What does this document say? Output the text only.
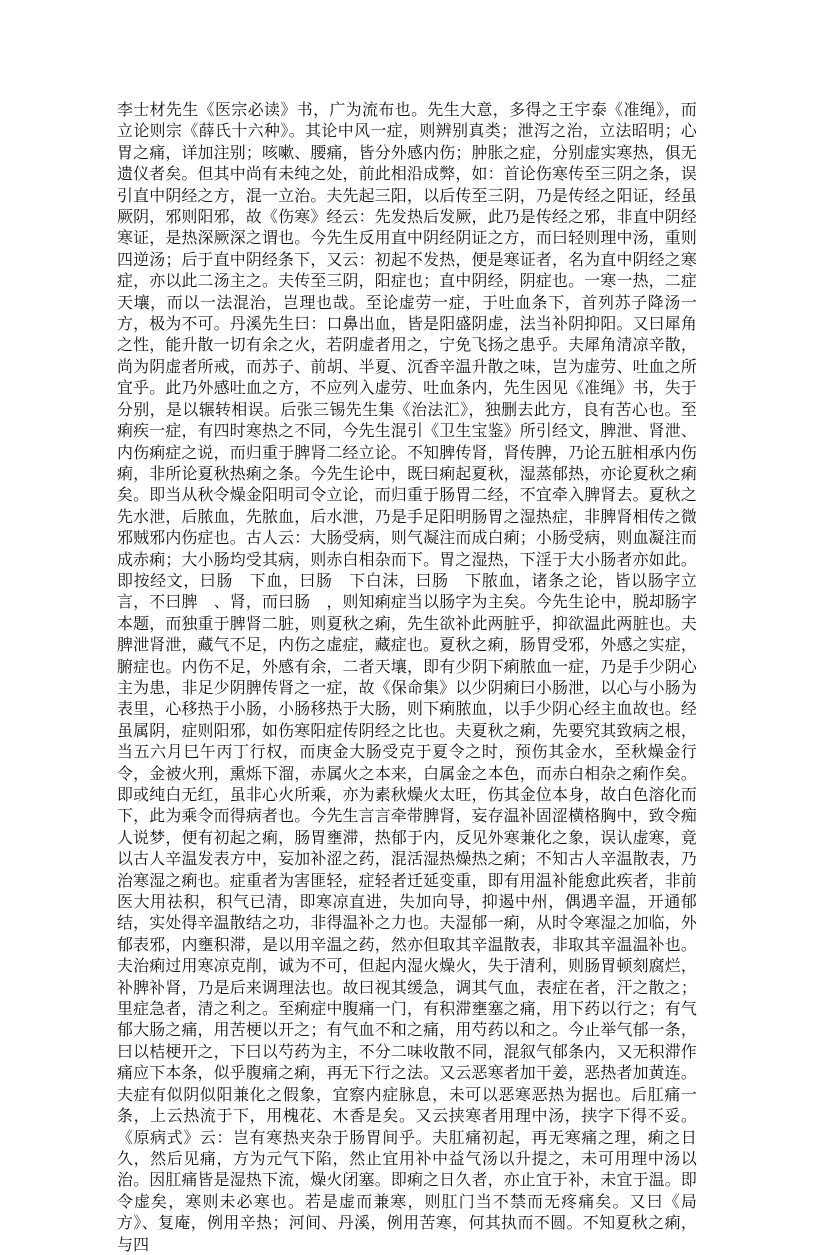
李士材先生《医宗必读》书，广为流布也。先生大意，多得之王宇泰《准绳》，而立论则宗《薛氏十六种》。其论中风一症，则辨别真类；泄泻之治，立法昭明；心胃之痛，详加注别；咳嗽、腰痛，皆分外感内伤；肿胀之症，分别虚实寒热，俱无遗仪者矣。但其中尚有未纯之处，前此相沿成弊，如：首论伤寒传至三阴之条，误引直中阴经之方，混一立治。夫先起三阳，以后传至三阴，乃是传经之阳证，经虽厥阴，邪则阳邪，故《伤寒》经云：先发热后发厥，此乃是传经之邪，非直中阴经寒证，是热深厥深之谓也。今先生反用直中阴经阴证之方，而曰轻则理中汤，重则四逆汤；后于直中阴经条下，又云：初起不发热，便是寒证者，名为直中阴经之寒症，亦以此二汤主之。夫传至三阴，阳症也；直中阴经，阴症也。一寒一热，二症天壤，而以一法混治，岂理也哉。至论虚劳一症，于吐血条下，首列苏子降汤一方，极为不可。丹溪先生曰：口鼻出血，皆是阳盛阴虚，法当补阴抑阳。又曰犀角之性，能升散一切有余之火，若阴虚者用之，宁免飞扬之患乎。夫犀角清凉辛散，尚为阴虚者所戒，而苏子、前胡、半夏、沉香辛温升散之味，岂为虚劳、吐血之所宜乎。此乃外感吐血之方，不应列入虚劳、吐血条内，先生因见《准绳》书，失于分别，是以辗转相误。后张三锡先生集《治法汇》，独删去此方，良有苦心也。至痢疾一症，有四时寒热之不同，今先生混引《卫生宝鉴》所引经文，脾泄、肾泄、内伤痢症之说，而归重于脾肾二经立论。不知脾传肾，肾传脾，乃论五脏相承内伤痢，非所论夏秋热痢之条。今先生论中，既曰痢起夏秋，湿蒸郁热，亦论夏秋之痢矣。即当从秋令燥金阳明司令立论，而归重于肠胃二经，不宜牵入脾肾去。夏秋之先水泄，后脓血，先脓血，后水泄，乃是手足阳明肠胃之湿热症，非脾肾相传之微邪贼邪内伤症也。古人云：大肠受病，则气凝注而成白痢；小肠受病，则血凝注而成赤痢；大小肠均受其病，则赤白相杂而下。胃之湿热，下淫于大小肠者亦如此。即按经文，曰肠　下血，曰肠　下白沫，曰肠　下脓血，诸条之论，皆以肠字立言，不曰脾　、肾，而曰肠　，则知痢症当以肠字为主矣。今先生论中，脱却肠字本题，而独重于脾肾二脏，则夏秋之痢，先生欲补此两脏乎，抑欲温此两脏也。夫脾泄肾泄，藏气不足，内伤之虚症，藏症也。夏秋之痢，肠胃受邪，外感之实症，腑症也。内伤不足，外感有余，二者天壤，即有少阴下痢脓血一症，乃是手少阴心主为患，非足少阴脾传肾之一症，故《保命集》以少阴痢曰小肠泄，以心与小肠为表里，心移热于小肠，小肠移热于大肠，则下痢脓血，以手少阴心经主血故也。经虽属阴，症则阳邪，如伤寒阳症传阴经之比也。夫夏秋之痢，先要究其致病之根，当五六月巳午丙丁行权，而庚金大肠受克于夏令之时，预伤其金水，至秋燥金行令，金被火刑，熏烁下溜，赤属火之本来，白属金之本色，而赤白相杂之痢作矣。即或纯白无红，虽非心火所乘，亦为素秋燥火太旺，伤其金位本身，故白色溶化而下，此为乘令而得病者也。今先生言言牵带脾肾，妄存温补固涩横格胸中，致令痴人说梦，便有初起之痢，肠胃壅滞，热郁于内，反见外寒兼化之象，误认虚寒，竟以古人辛温发表方中，妄加补涩之药，混活湿热燥热之痢；不知古人辛温散表，乃治寒湿之痢也。症重者为害匪轻，症轻者迁延变重，即有用温补能愈此疾者，非前医大用祛积，积气已清，即寒凉直进，失加向导，抑遏中州，偶遇辛温，开通郁结，实处得辛温散结之功，非得温补之力也。夫湿郁一痢，从时令寒湿之加临，外郁表邪，内壅积滞，是以用辛温之药，然亦但取其辛温散表，非取其辛温温补也。夫治痢过用寒凉克削，诚为不可，但起内湿火燥火，失于清利，则肠胃顿刻腐烂，补脾补肾，乃是后来调理法也。故曰视其缓急，调其气血，表症在者，汗之散之；里症急者，清之利之。至痢症中腹痛一门，有积滞壅塞之痛，用下药以行之；有气郁大肠之痛，用苦梗以开之；有气血不和之痛，用芍药以和之。今止举气郁一条，曰以桔梗开之，下曰以芍药为主，不分二味收散不同，混叙气郁条内，又无积滞作痛应下本条，似乎腹痛之痢，再无下行之法。又云恶寒者加干姜，恶热者加黄连。夫症有似阴似阳兼化之假象，宜察内症脉息，未可以恶寒恶热为据也。后肛痛一条，上云热流于下，用槐花、木香是矣。又云挟寒者用理中汤，挟字下得不妥。《原病式》云：岂有寒热夹杂于肠胃间乎。夫肛痛初起，再无寒痛之理，痢之日久，然后见痛，方为元气下陷，然止宜用补中益气汤以升提之，未可用理中汤以治。因肛痛皆是湿热下流，燥火闭塞。即痢之日久者，亦止宜于补，未宜于温。即令虚矣，寒则未必寒也。若是虚而兼寒，则肛门当不禁而无疼痛矣。又曰《局方》、复庵，例用辛热；河间、丹溪，例用苦寒，何其执而不圆。不知夏秋之痢，与四
